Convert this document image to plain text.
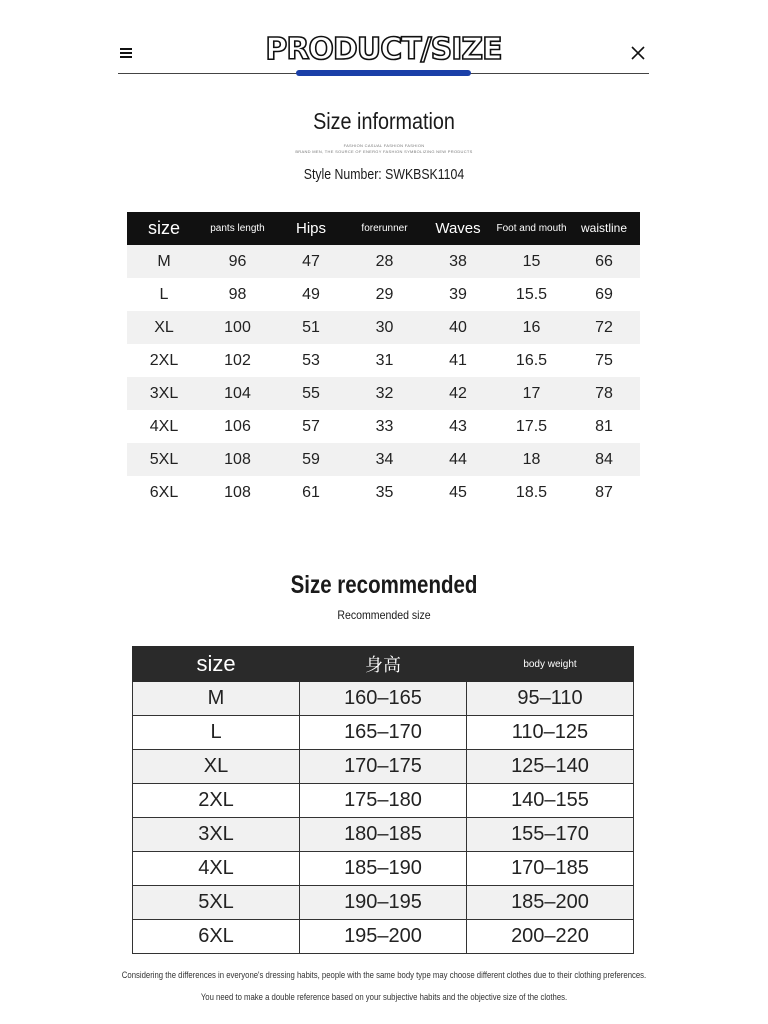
PRODUCT/SIZE
Size information
FASHION CASUAL FASHION FASHION
BRAND MEN, THE SOURCE OF ENERGY FASHION SYMBOLIZING NEW PRODUCTS
Style Number: SWKBSK1104
size	pants length	Hips	forerunner	Waves	Foot and mouth	waistline
M	96	47	28	38	15	66
L	98	49	29	39	15.5	69
XL	100	51	30	40	16	72
2XL	102	53	31	41	16.5	75
3XL	104	55	32	42	17	78
4XL	106	57	33	43	17.5	81
5XL	108	59	34	44	18	84
6XL	108	61	35	45	18.5	87
Size recommended
Recommended size
size	身高	body weight
M	160–165	95–110
L	165–170	110–125
XL	170–175	125–140
2XL	175–180	140–155
3XL	180–185	155–170
4XL	185–190	170–185
5XL	190–195	185–200
6XL	195–200	200–220
Considering the differences in everyone's dressing habits, people with the same body type may choose different clothes due to their clothing preferences.
You need to make a double reference based on your subjective habits and the objective size of the clothes.
